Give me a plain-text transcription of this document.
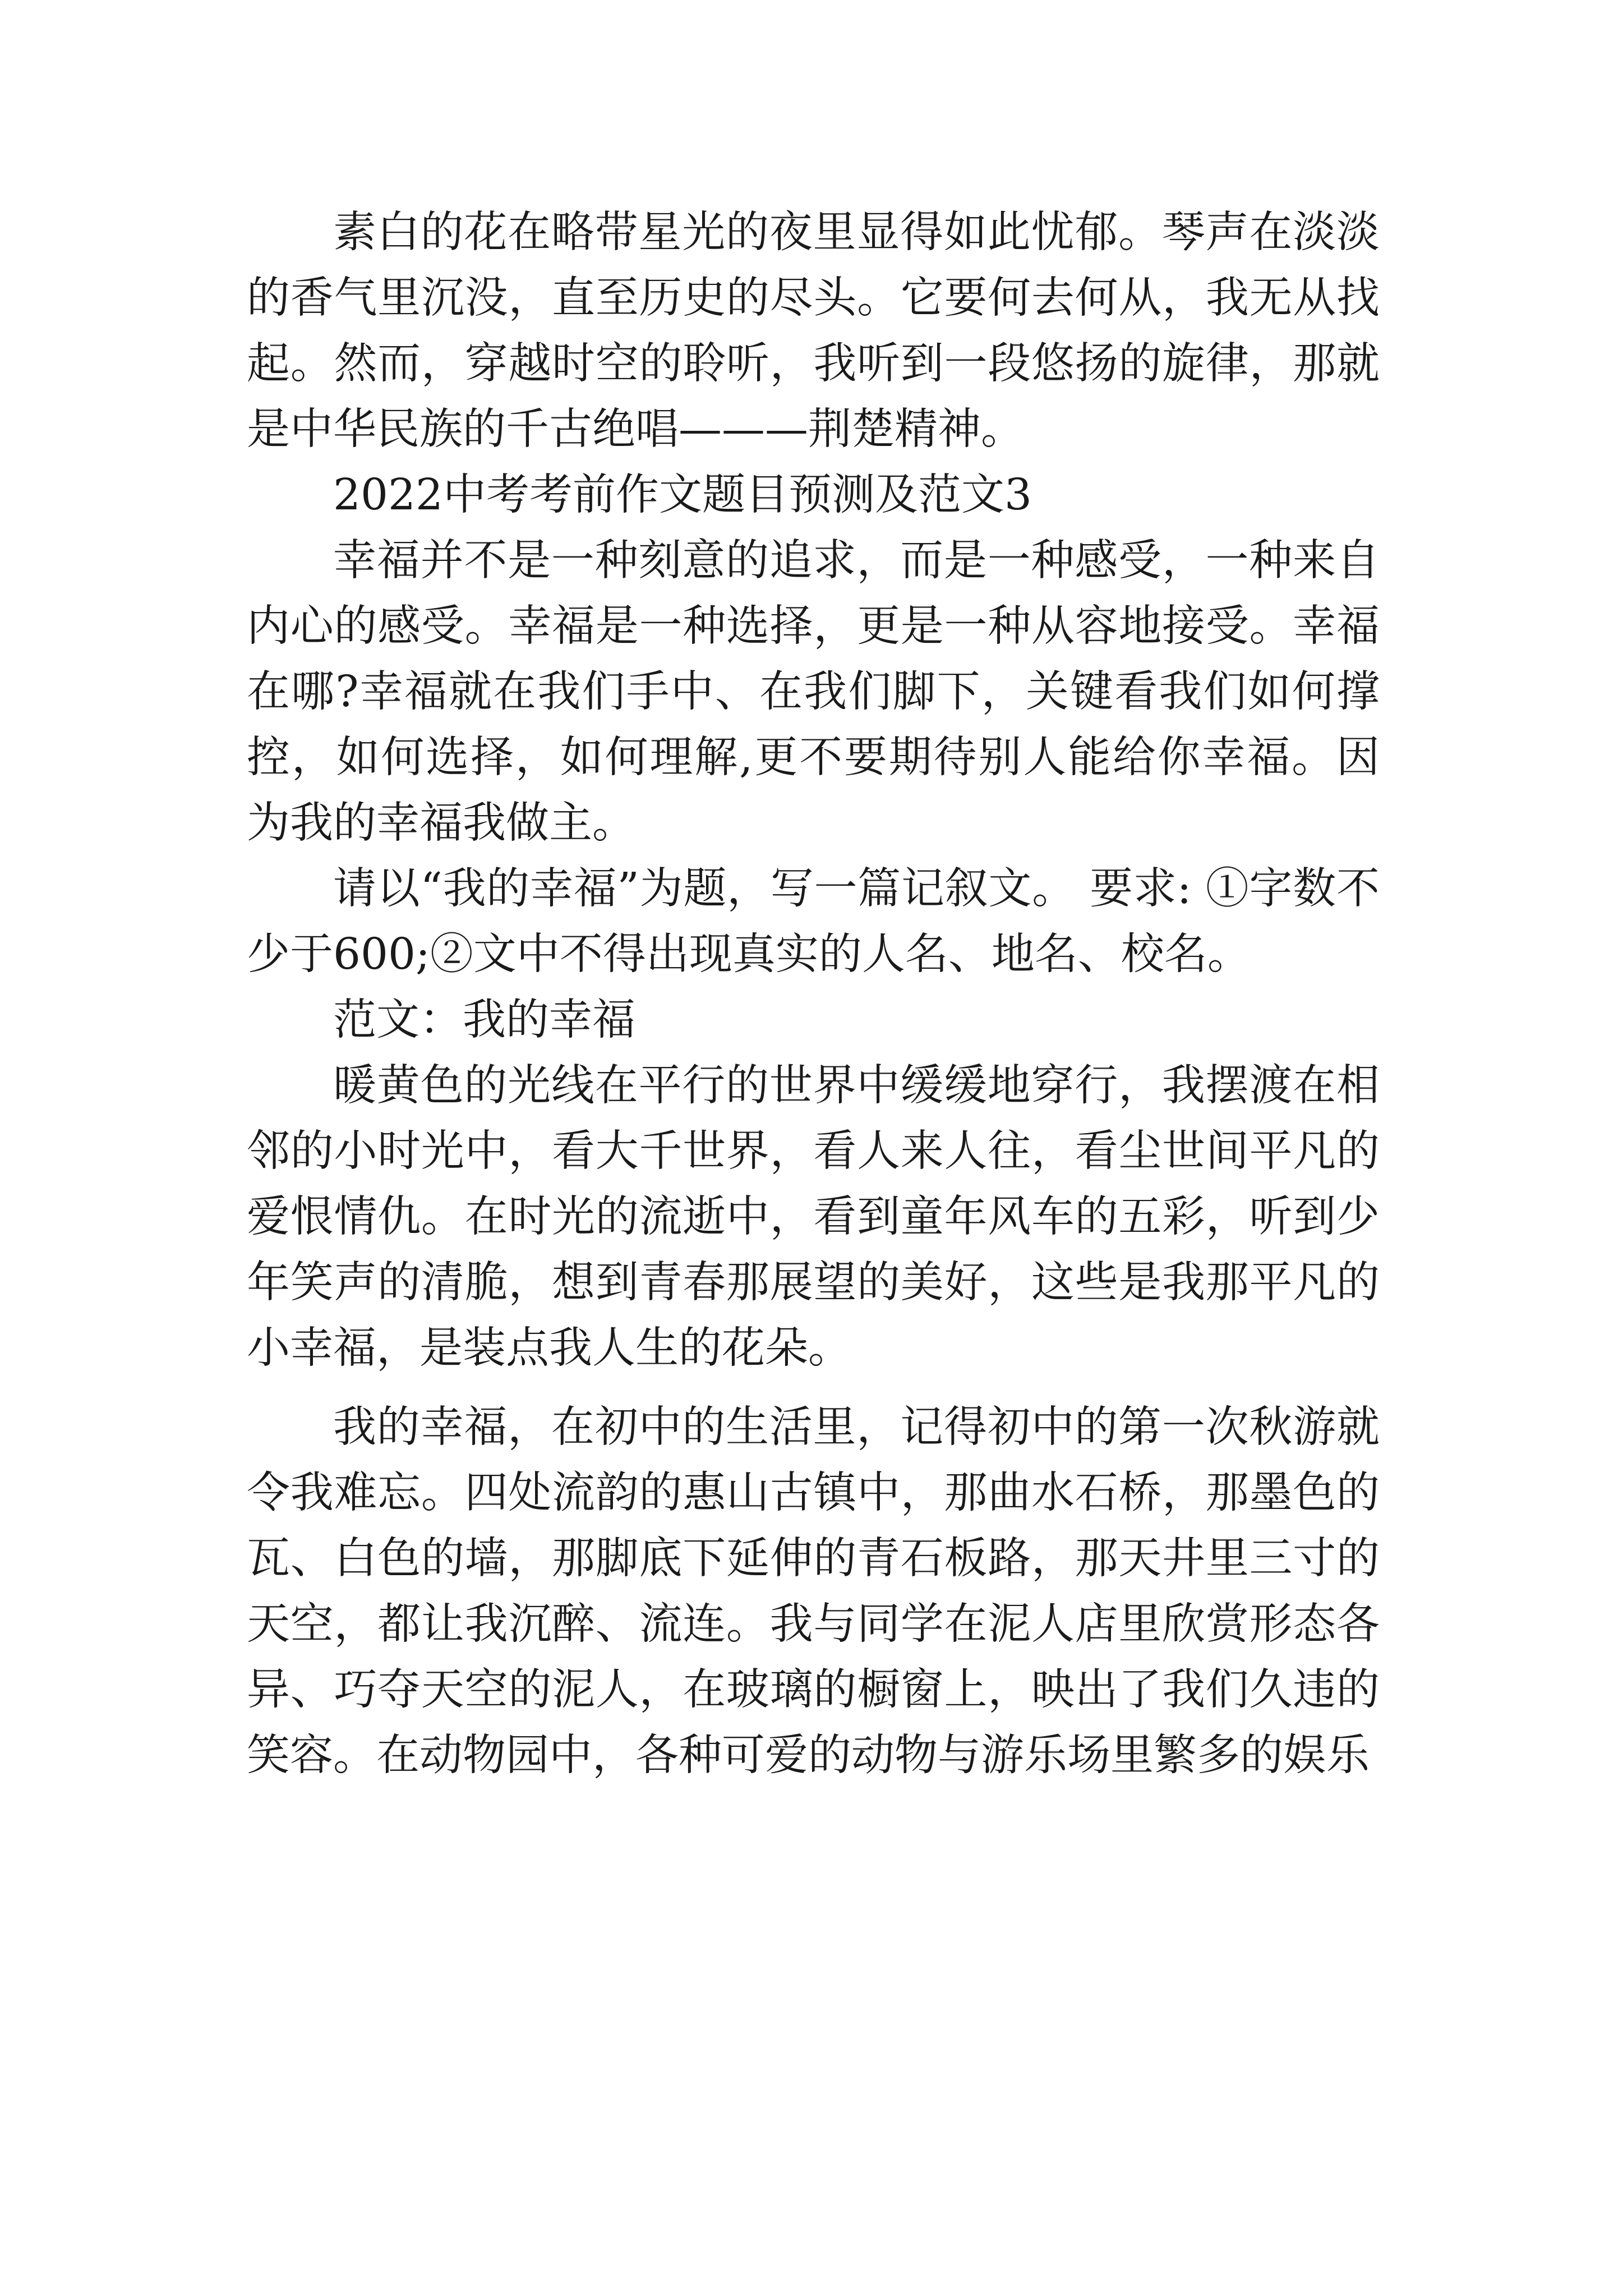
素白的花在略带星光的夜里显得如此忧郁。琴声在淡淡的香气里沉没，直至历史的尽头。它要何去何从，我无从找起。然而，穿越时空的聆听，我听到一段悠扬的旋律，那就是中华民族的千古绝唱———荆楚精神。

2022中考考前作文题目预测及范文3

幸福并不是一种刻意的追求，而是一种感受，一种来自内心的感受。幸福是一种选择，更是一种从容地接受。幸福在哪?幸福就在我们手中、在我们脚下，关键看我们如何撑控，如何选择，如何理解,更不要期待别人能给你幸福。因为我的幸福我做主。

请以“我的幸福”为题，写一篇记叙文。 要求: ①字数不少于600;②文中不得出现真实的人名、地名、校名。

范文：我的幸福

暖黄色的光线在平行的世界中缓缓地穿行，我摆渡在相邻的小时光中，看大千世界，看人来人往，看尘世间平凡的爱恨情仇。在时光的流逝中，看到童年风车的五彩，听到少年笑声的清脆，想到青春那展望的美好，这些是我那平凡的小幸福，是装点我人生的花朵。

我的幸福，在初中的生活里，记得初中的第一次秋游就令我难忘。四处流韵的惠山古镇中，那曲水石桥，那墨色的瓦、白色的墙，那脚底下延伸的青石板路，那天井里三寸的天空，都让我沉醉、流连。我与同学在泥人店里欣赏形态各异、巧夺天空的泥人，在玻璃的橱窗上，映出了我们久违的笑容。在动物园中，各种可爱的动物与游乐场里繁多的娱乐
